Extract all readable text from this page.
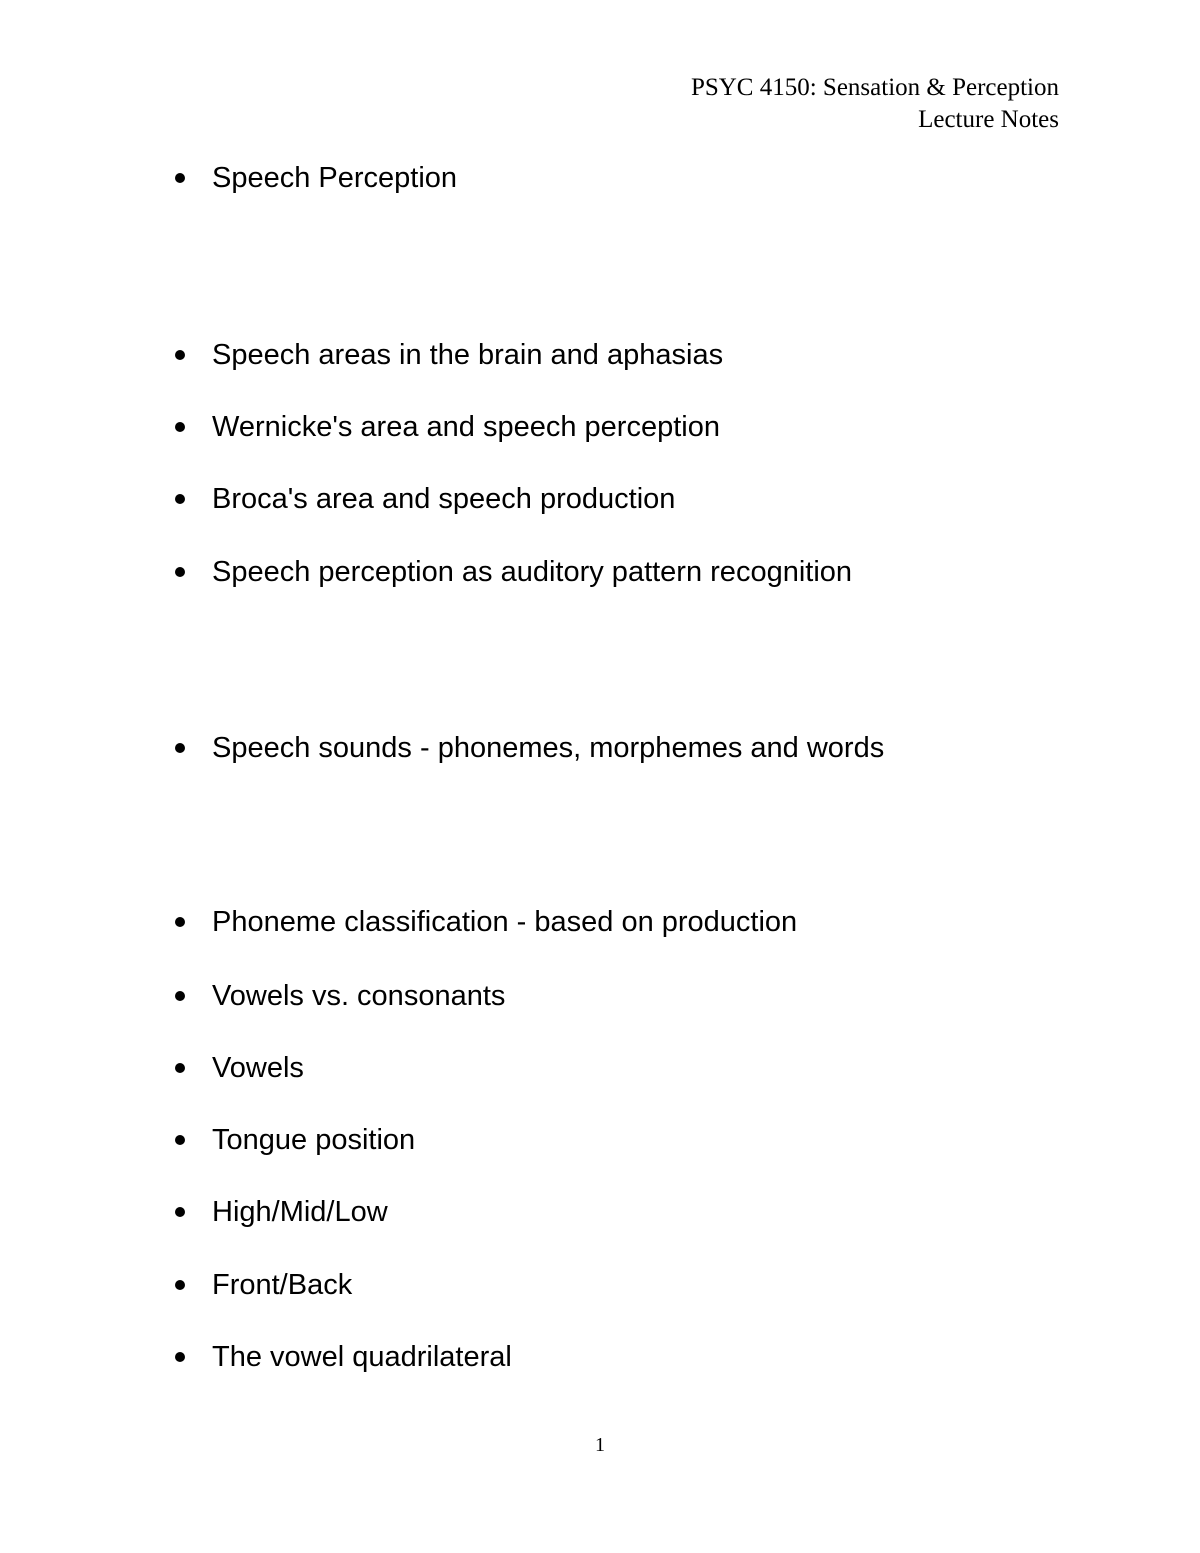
PSYC 4150: Sensation & Perception
Lecture Notes
Speech Perception
Speech areas in the brain and aphasias
Wernicke's area and speech perception
Broca's area and speech production
Speech perception as auditory pattern recognition
Speech sounds - phonemes, morphemes and words
Phoneme classification - based on production
Vowels vs. consonants
Vowels
Tongue position
High/Mid/Low
Front/Back
The vowel quadrilateral
1
